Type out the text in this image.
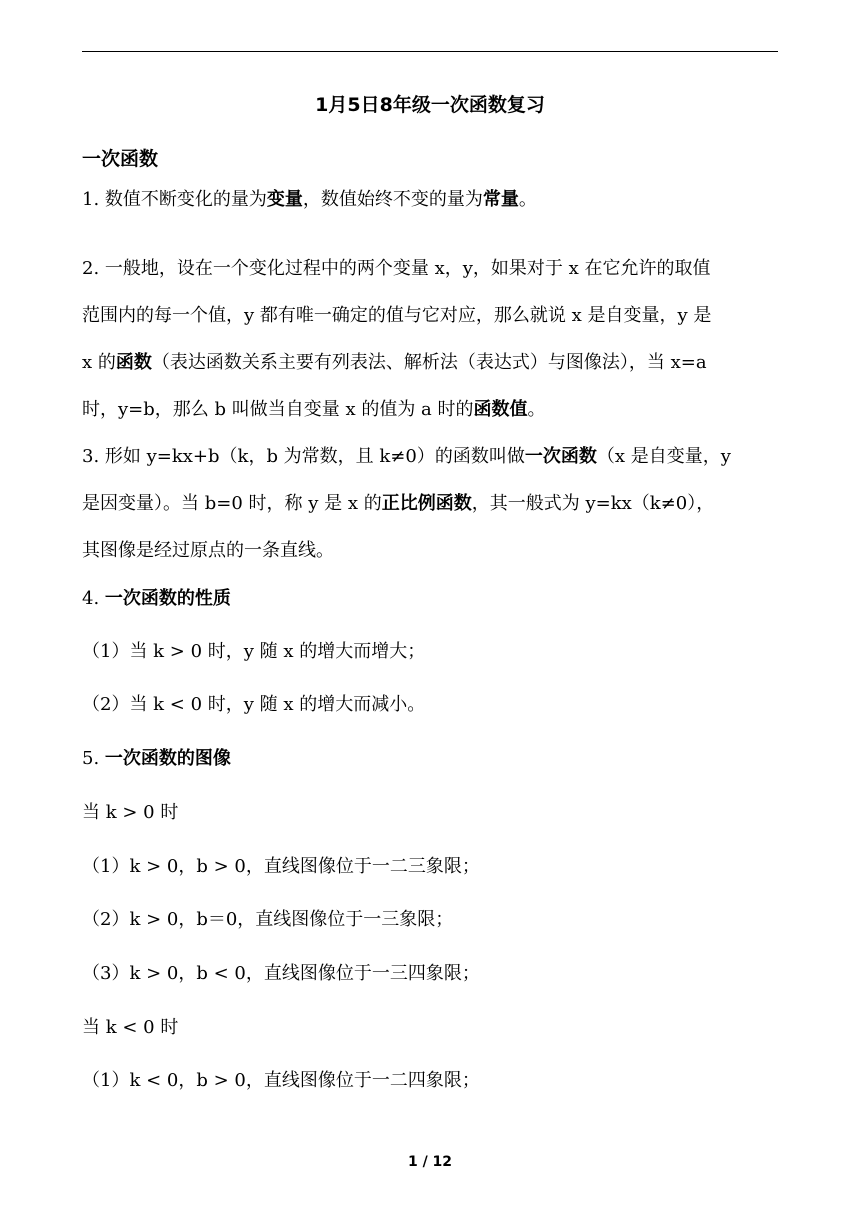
1月5日8年级一次函数复习
一次函数
1. 数值不断变化的量为变量，数值始终不变的量为常量。
2. 一般地，设在一个变化过程中的两个变量 x，y，如果对于 x 在它允许的取值
范围内的每一个值，y 都有唯一确定的值与它对应，那么就说 x 是自变量，y 是
x 的函数（表达函数关系主要有列表法、解析法（表达式）与图像法），当 x=a
时，y=b，那么 b 叫做当自变量 x 的值为 a 时的函数值。
3. 形如 y=kx+b（k，b 为常数，且 k≠0）的函数叫做一次函数（x 是自变量，y
是因变量）。当 b=0 时，称 y 是 x 的正比例函数，其一般式为 y=kx（k≠0），
其图像是经过原点的一条直线。
4. 一次函数的性质
（1）当 k > 0 时，y 随 x 的增大而增大；
（2）当 k < 0 时，y 随 x 的增大而减小。
5. 一次函数的图像
当 k > 0 时
（1）k > 0，b > 0，直线图像位于一二三象限；
（2）k > 0，b＝0，直线图像位于一三象限；
（3）k > 0，b < 0，直线图像位于一三四象限；
当 k < 0 时
（1）k < 0，b > 0，直线图像位于一二四象限；
1 / 12
